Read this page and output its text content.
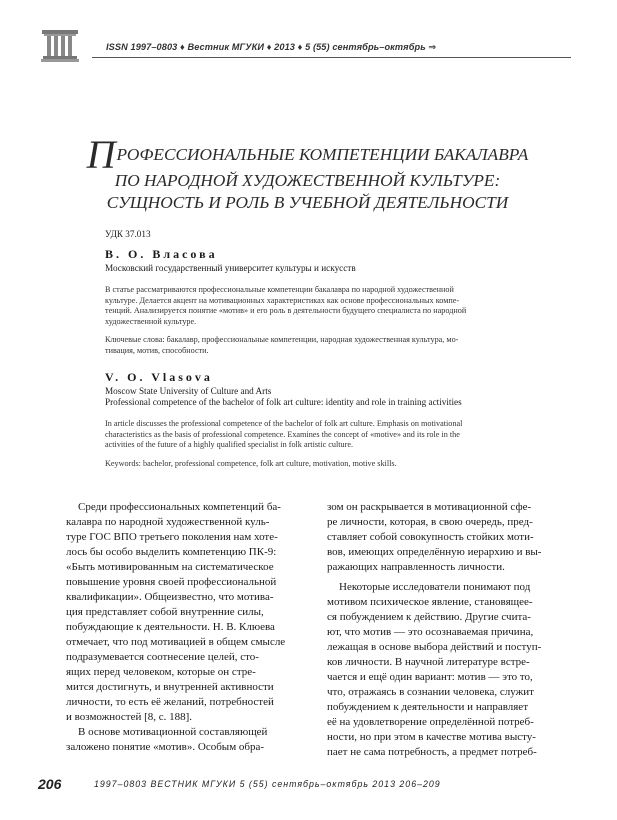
ISSN 1997–0803 ♦ Вестник МГУКИ ♦ 2013 ♦ 5 (55) сентябрь–октябрь ⇒
ПРОФЕССИОНАЛЬНЫЕ КОМПЕТЕНЦИИ БАКАЛАВРА
ПО НАРОДНОЙ ХУДОЖЕСТВЕННОЙ КУЛЬТУРЕ:
СУЩНОСТЬ И РОЛЬ В УЧЕБНОЙ ДЕЯТЕЛЬНОСТИ
УДК 37.013
В. О. Власова
Московский государственный университет культуры и искусств
В статье рассматриваются профессиональные компетенции бакалавра по народной художественной
культуре. Делается акцент на мотивационных характеристиках как основе профессиональных компе-
тенций. Анализируется понятие «мотив» и его роль в деятельности будущего специалиста по народной
художественной культуре.
Ключевые слова: бакалавр, профессиональные компетенции, народная художественная культура, мо-
тивация, мотив, способности.
V. O. Vlasova
Moscow State University of Culture and Arts
Professional competence of the bachelor of folk art culture: identity and role in training activities
In article discusses the professional competence of the bachelor of folk art culture. Emphasis on motivational
characteristics as the basis of professional competence. Examines the concept of «motive» and its role in the
activities of the future of a highly qualified specialist in folk artistic culture.
Keywords: bachelor, professional competence, folk art culture, motivation, motive skills.

Среди профессиональных компетенций ба-

калавра по народной художественной куль-

туре ГОС ВПО третьего поколения нам хоте-

лось бы особо выделить компетенцию ПК-9:

«Быть мотивированным на систематическое

повышение уровня своей профессиональной

квалификации». Общеизвестно, что мотива-

ция представляет собой внутренние силы,

побуждающие к деятельности. Н. В. Клюева

отмечает, что под мотивацией в общем смысле

подразумевается соотнесение целей, сто-

ящих перед человеком, которые он стре-

мится достигнуть, и внутренней активности

личности, то есть её желаний, потребностей

и возможностей [8, с. 188].

В основе мотивационной составляющей

заложено понятие «мотив». Особым обра-

зом он раскрывается в мотивационной сфе-

ре личности, которая, в свою очередь, пред-

ставляет собой совокупность стойких моти-

вов, имеющих определённую иерархию и вы-

ражающих направленность личности.

Некоторые исследователи понимают под

мотивом психическое явление, становящее-

ся побуждением к действию. Другие счита-

ют, что мотив — это осознаваемая причина,

лежащая в основе выбора действий и поступ-

ков личности. В научной литературе встре-

чается и ещё один вариант: мотив — это то,

что, отражаясь в сознании человека, служит

побуждением к деятельности и направляет

её на удовлетворение определённой потреб-

ности, но при этом в качестве мотива высту-

пает не сама потребность, а предмет потреб-

206	1997–0803 ВЕСТНИК МГУКИ 5 (55) сентябрь–октябрь 2013 206–209
